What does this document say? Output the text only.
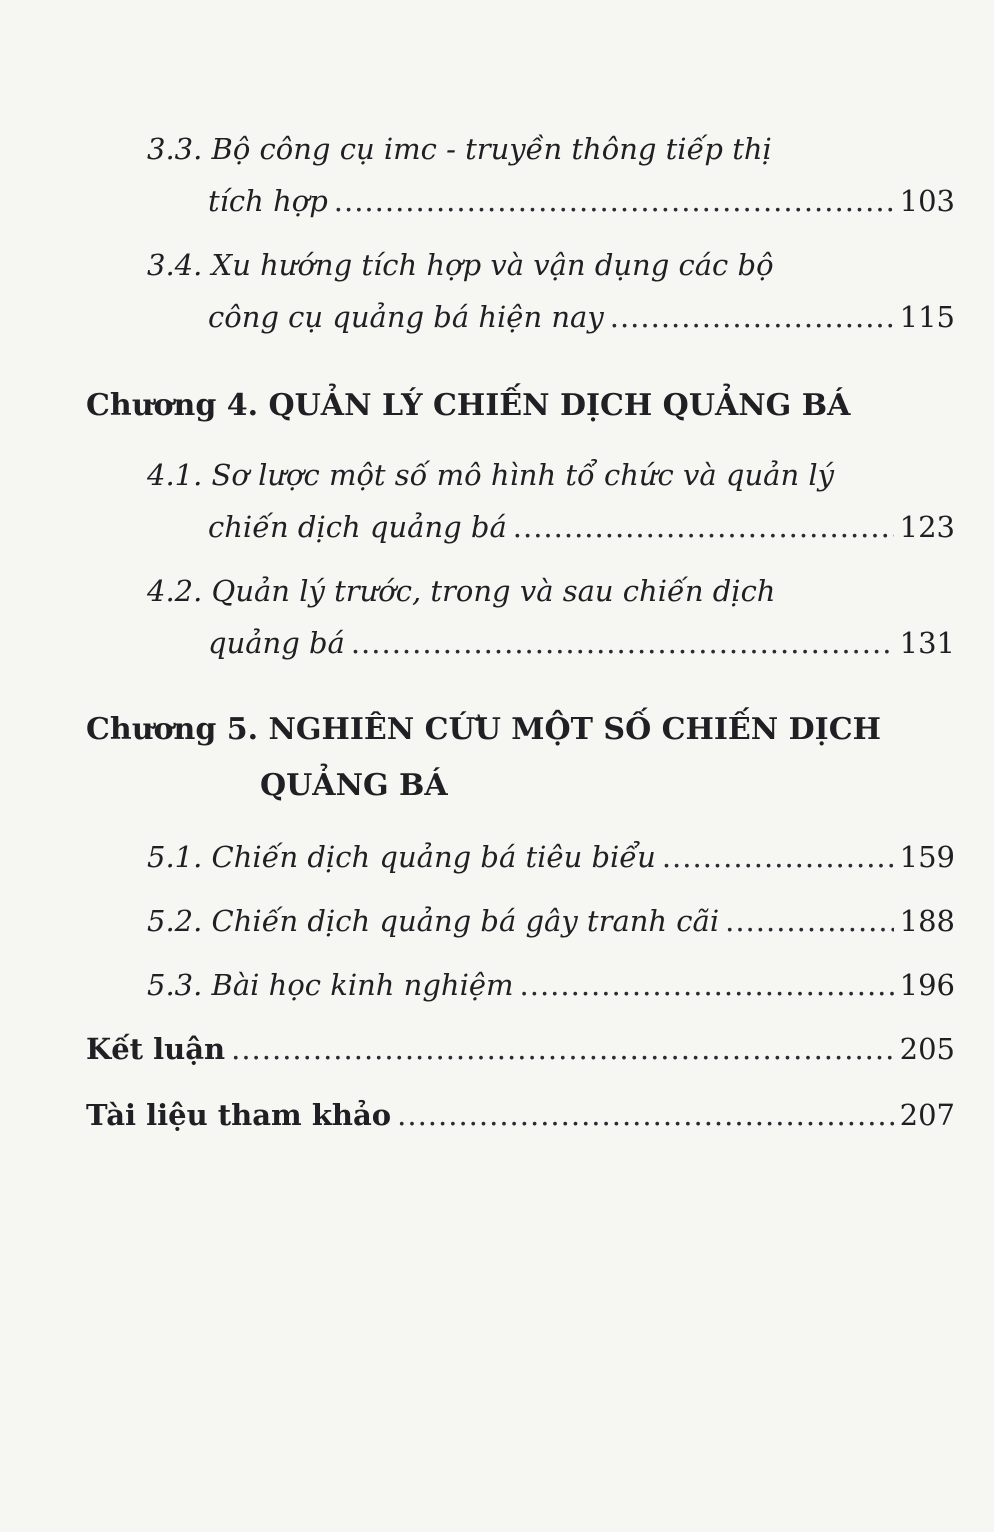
3.3. Bộ công cụ imc - truyền thông tiếp thị
tích hợp .....	103
3.4. Xu hướng tích hợp và vận dụng các bộ
công cụ quảng bá hiện nay .....	115
Chương 4. QUẢN LÝ CHIẾN DỊCH QUẢNG BÁ
4.1. Sơ lược một số mô hình tổ chức và quản lý
chiến dịch quảng bá .....	123
4.2. Quản lý trước, trong và sau chiến dịch
quảng bá .....	131
Chương 5. NGHIÊN CỨU MỘT SỐ CHIẾN DỊCH
QUẢNG BÁ
5.1. Chiến dịch quảng bá tiêu biểu .....	159
5.2. Chiến dịch quảng bá gây tranh cãi .....	188
5.3. Bài học kinh nghiệm .....	196
Kết luận .....	205
Tài liệu tham khảo .....	207
